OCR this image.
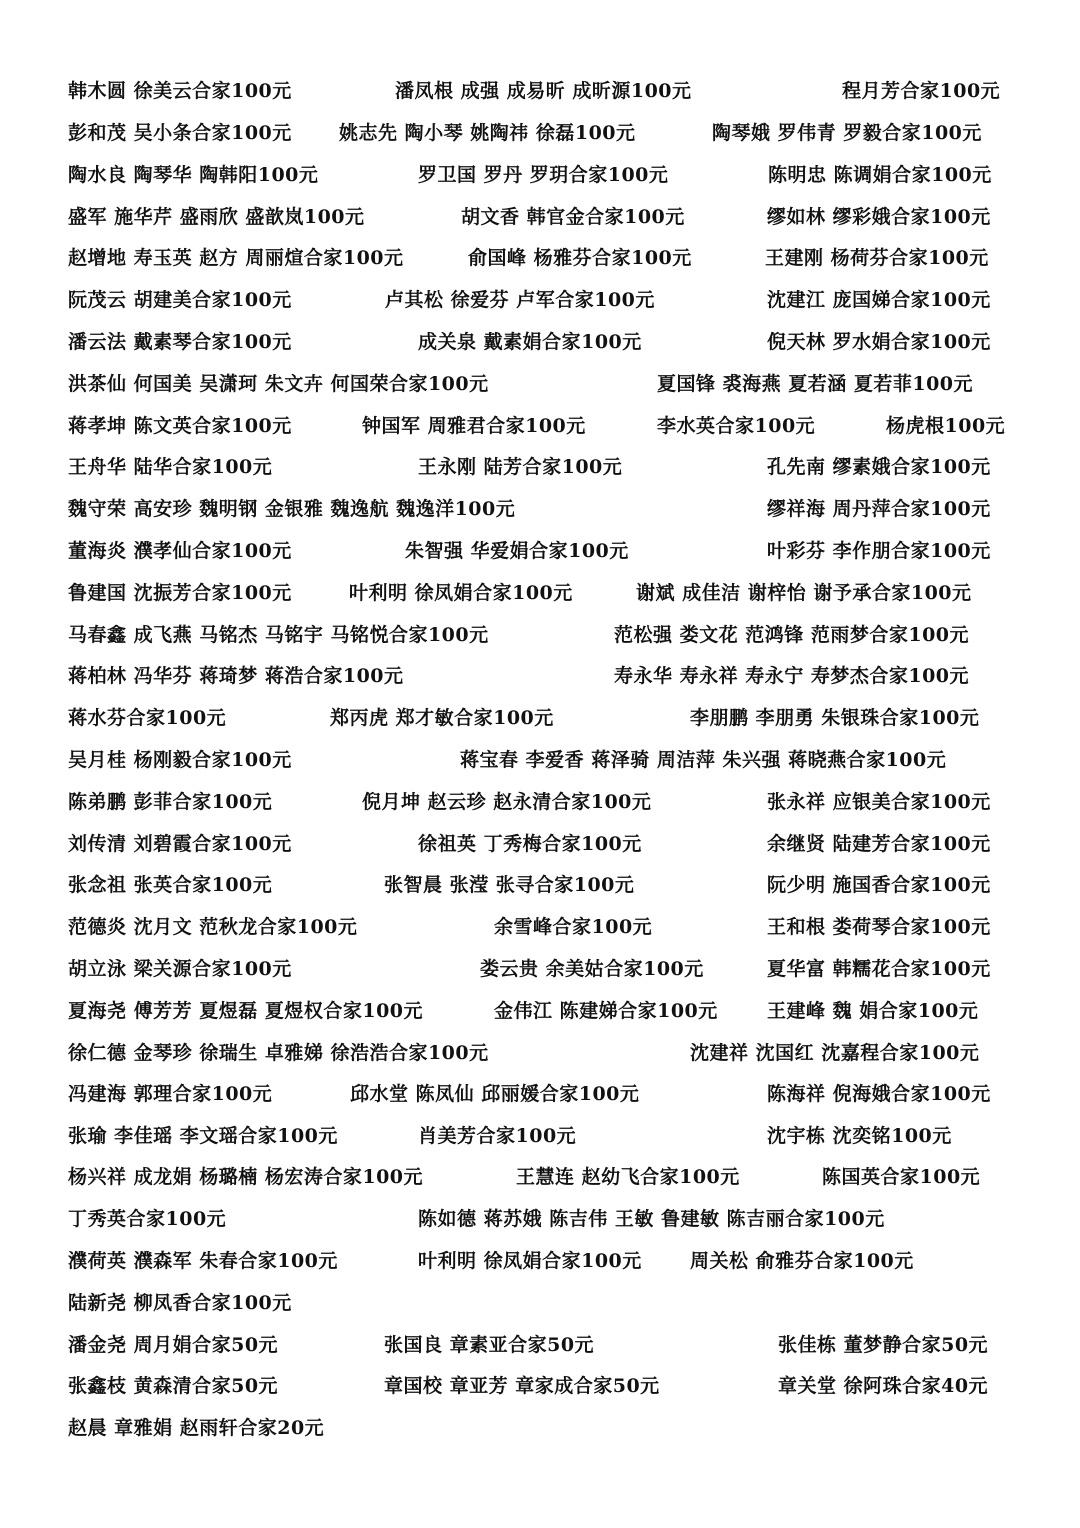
韩木圆 徐美云合家100元	潘凤根 成强 成易昕 成昕源100元	程月芳合家100元
彭和茂 吴小条合家100元 姚志先 陶小琴 姚陶祎 徐磊100元	陶琴娥 罗伟青 罗毅合家100元
陶水良 陶琴华 陶韩阳100元	罗卫国 罗丹 罗玥合家100元	陈明忠 陈调娟合家100元
盛军 施华芹 盛雨欣 盛歆岚100元	胡文香 韩官金合家100元	缪如林 缪彩娥合家100元
赵增地 寿玉英 赵方 周丽煊合家100元	俞国峰 杨雅芬合家100元	王建刚 杨荷芬合家100元
阮茂云 胡建美合家100元	卢其松 徐爱芬 卢军合家100元	沈建江 庞国娣合家100元
潘云法 戴素琴合家100元	成关泉 戴素娟合家100元	倪天林 罗水娟合家100元
洪茶仙 何国美 吴潇珂 朱文卉 何国荣合家100元	夏国锋 裘海燕 夏若涵 夏若菲100元
蒋孝坤 陈文英合家100元	钟国军 周雅君合家100元	李水英合家100元	杨虎根100元
王舟华 陆华合家100元	王永刚 陆芳合家100元	孔先南 缪素娥合家100元
魏守荣 高安珍 魏明钢 金银雅 魏逸航 魏逸洋100元	缪祥海 周丹萍合家100元
董海炎 濮孝仙合家100元	朱智强 华爱娟合家100元	叶彩芬 李作朋合家100元
鲁建国 沈振芳合家100元	叶利明 徐凤娟合家100元	谢斌 成佳洁 谢梓怡 谢予承合家100元
马春鑫 成飞燕 马铭杰 马铭宇 马铭悦合家100元	范松强 娄文花 范鸿锋 范雨梦合家100元
蒋柏林 冯华芬 蒋琦梦 蒋浩合家100元	寿永华 寿永祥 寿永宁 寿梦杰合家100元
蒋水芬合家100元	郑丙虎 郑才敏合家100元	李朋鹏 李朋勇 朱银珠合家100元
吴月桂 杨刚毅合家100元	蒋宝春 李爱香 蒋泽骑 周洁萍 朱兴强 蒋晓燕合家100元
陈弟鹏 彭菲合家100元	倪月坤 赵云珍 赵永清合家100元	张永祥 应银美合家100元
刘传清 刘碧霞合家100元	徐祖英 丁秀梅合家100元	余继贤 陆建芳合家100元
张念祖 张英合家100元	张智晨 张滢 张寻合家100元	阮少明 施国香合家100元
范德炎 沈月文 范秋龙合家100元	余雪峰合家100元	王和根 娄荷琴合家100元
胡立泳 梁关源合家100元	娄云贵 余美姑合家100元	夏华富 韩糯花合家100元
夏海尧 傅芳芳 夏煜磊 夏煜权合家100元	金伟江 陈建娣合家100元	王建峰 魏 娟合家100元
徐仁德 金琴珍 徐瑞生 卓雅娣 徐浩浩合家100元	沈建祥 沈国红 沈嘉程合家100元
冯建海 郭理合家100元	邱水堂 陈凤仙 邱丽媛合家100元	陈海祥 倪海娥合家100元
张瑜 李佳瑶 李文瑶合家100元	肖美芳合家100元	沈宇栋 沈奕铭100元
杨兴祥 成龙娟 杨璐楠 杨宏涛合家100元	王慧连 赵幼飞合家100元	陈国英合家100元
丁秀英合家100元	陈如德 蒋苏娥 陈吉伟 王敏 鲁建敏 陈吉丽合家100元
濮荷英 濮森军 朱春合家100元	叶利明 徐凤娟合家100元	周关松 俞雅芬合家100元
陆新尧 柳凤香合家100元
潘金尧 周月娟合家50元	张国良 章素亚合家50元	张佳栋 董梦静合家50元
张鑫枝 黄森清合家50元	章国校 章亚芳 章家成合家50元	章关堂 徐阿珠合家40元
赵晨 章雅娟 赵雨轩合家20元
